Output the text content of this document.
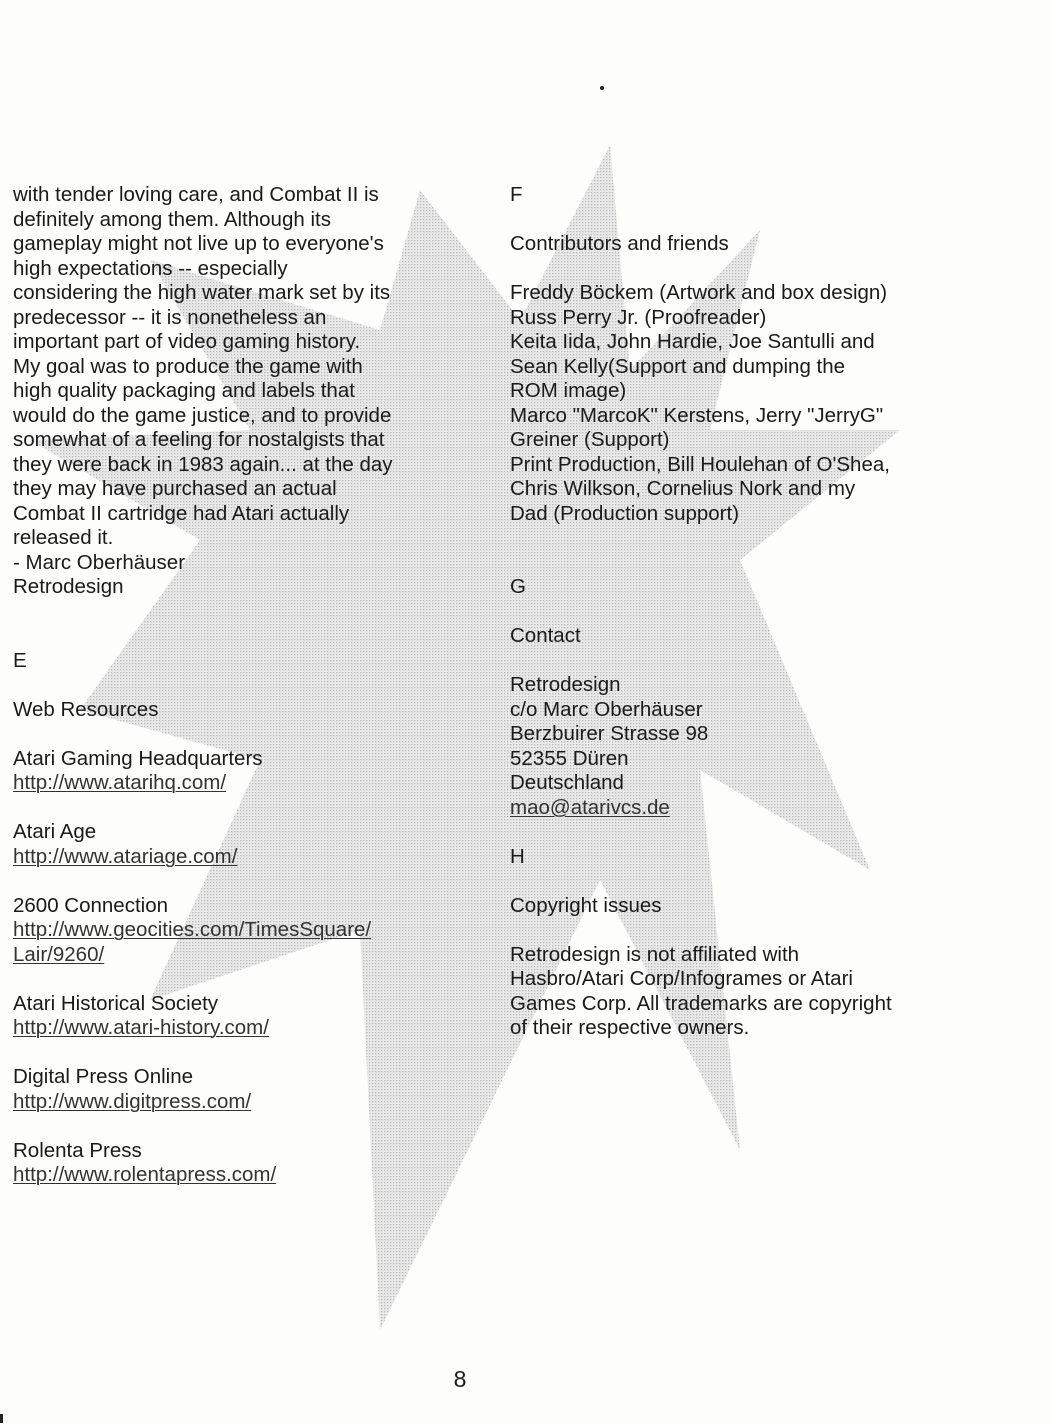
with tender loving care, and Combat II is
definitely among them. Although its
gameplay might not live up to everyone's
high expectations -- especially
considering the high water mark set by its
predecessor -- it is nonetheless an
important part of video gaming history.
My goal was to produce the game with
high quality packaging and labels that
would do the game justice, and to provide
somewhat of a feeling for nostalgists that
they were back in 1983 again... at the day
they may have purchased an actual
Combat II cartridge had Atari actually
released it.
- Marc Oberhäuser
Retrodesign
E
Web Resources
Atari Gaming Headquarters
http://www.atarihq.com/
Atari Age
http://www.atariage.com/
2600 Connection
http://www.geocities.com/TimesSquare/
Lair/9260/
Atari Historical Society
http://www.atari-history.com/
Digital Press Online
http://www.digitpress.com/
Rolenta Press
http://www.rolentapress.com/
F
Contributors and friends
Freddy Böckem (Artwork and box design)
Russ Perry Jr. (Proofreader)
Keita Iida, John Hardie, Joe Santulli and
Sean Kelly(Support and dumping the
ROM image)
Marco "MarcoK" Kerstens, Jerry "JerryG"
Greiner (Support)
Print Production, Bill Houlehan of O'Shea,
Chris Wilkson, Cornelius Nork and my
Dad (Production support)
G
Contact
Retrodesign
c/o Marc Oberhäuser
Berzbuirer Strasse 98
52355 Düren
Deutschland
mao@atarivcs.de
H
Copyright issues
Retrodesign is not affiliated with
Hasbro/Atari Corp/Infogrames or Atari
Games Corp. All trademarks are copyright
of their respective owners.
8
